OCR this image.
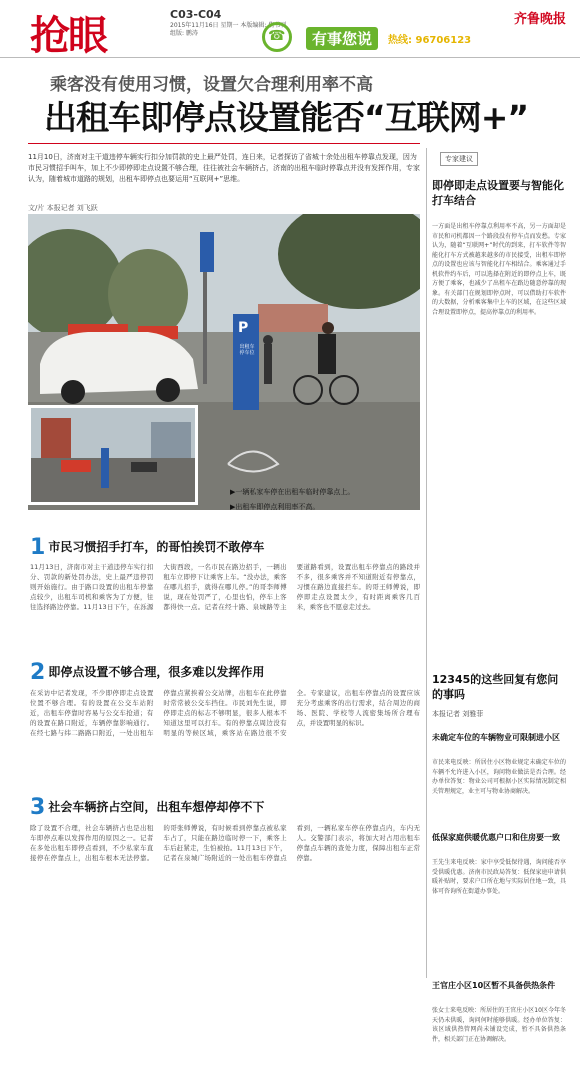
抢眼	C03-C04
2015年11月16日 星期一 本版编辑: 焦书刊 组版: 鹏涛
齐鲁晚报
☎	有事您说	热线: 96706123
乘客没有使用习惯，设置欠合理利用率不高
出租车即停点设置能否“互联网+”
11月10日，济南对主干道违停车辆实行扣分加罚款的史上最严处罚，连日来，记者探访了省城十余处出租车停靠点发现，因为市民习惯招手叫车，加上不少即停即走点设置不够合理，往往被社会车辆挤占，济南的出租车临时停靠点并没有发挥作用，专家认为，随着城市道路的规划，出租车即停点也要运用“互联网+”思维。
文/片 本报记者 刘飞跃
P
出租车停车位
▶一辆私家车停在出租车临时停靠点上。
▶出租车即停点利用率不高。
1 市民习惯招手打车，的哥怕挨罚不敢停车
11月13日，济南市对主干道违停车实行扣分、罚款的新处罚办法，史上最严违停罚则开始施行。由于路口设置的出租车停靠点较少，出租车司机和乘客为了方便，往往选择路边停靠。11月13日下午，在泺源大街西段，一名市民在路边招手，一辆出租车立即停下让乘客上车。“没办法，乘客在哪儿招手，就得在哪儿停。”的哥李师傅说，现在处罚严了，心里也怕，停车上客都得快一点。记者在经十路、泉城路等主要道路看到，设置出租车停靠点的路段并不多，很多乘客并不知道附近有停靠点，习惯在路边直接拦车。的哥王师傅说，即停即走点设置太少，有时距离乘客几百米，乘客也不愿意走过去。
2 即停点设置不够合理，很多难以发挥作用
在采访中记者发现，不少即停即走点设置位置不够合理。有的设置在公交车站附近，出租车停靠时容易与公交车抢道；有的设置在路口附近，车辆停靠影响通行。在经七路与纬二路路口附近，一处出租车停靠点紧挨着公交站牌，出租车在此停靠时常常被公交车挡住。市民刘先生说，即停即走点的标志不够明显，很多人根本不知道这里可以打车。有的停靠点周边没有明显的等候区域，乘客站在路边很不安全。专家建议，出租车停靠点的设置应该充分考虑乘客的出行需求，结合周边的商场、医院、学校等人流密集场所合理布点，并设置明显的标识。
3 社会车辆挤占空间，出租车想停却停不下
除了设置不合理，社会车辆挤占也是出租车即停点难以发挥作用的原因之一。记者在多处出租车即停点看到，不少私家车直接停在停靠点上，出租车根本无法停靠。的哥张师傅说，有时候看到停靠点被私家车占了，只能在路边临时停一下，乘客上车后赶紧走，生怕被拍。11月13日下午，记者在泉城广场附近的一处出租车停靠点看到，一辆私家车停在停靠点内，车内无人。交警部门表示，将加大对占用出租车停靠点车辆的查处力度，保障出租车正常停靠。
专家建议
即停即走点设置要与智能化打车结合
一方面是出租车停靠点利用率不高，另一方面却是市民和司机都因一个路段没有停车点而发愁。专家认为，随着“互联网+”时代的到来，打车软件等智能化打车方式被越来越多的市民接受，出租车即停点的设置也应该与智能化打车相结合。乘客通过手机软件约车后，可以选择在附近的即停点上车，既方便了乘客，也减少了出租车在路边随意停靠的现象。有关部门在规划即停点时，可以借助打车软件的大数据，分析乘客集中上车的区域，在这些区域合理设置即停点，提高停靠点的利用率。
12345的这些回复有您问的事吗
本报记者 刘雅菲
未确定车位的车辆物业可限制进小区
市民来电反映：所居住小区物业规定未确定车位的车辆不允许进入小区，询问物业做法是否合理。经办单位答复：物业公司可根据小区实际情况制定相关管理规定，业主可与物业协商解决。
低保家庭供暖优惠户口和住房要一致
王先生来电反映：家中享受低保待遇，询问能否享受供暖优惠。济南市民政局答复：低保家庭申请供暖补贴时，要求户口所在地与实际居住地一致，具体可咨询所在街道办事处。
王官庄小区10区暂不具备供热条件
张女士来电反映：所居住的王官庄小区10区今年冬天仍未供暖，询问何时能够供暖。经办单位答复：该区域供热管网尚未铺设完成，暂不具备供热条件，相关部门正在协调解决。
